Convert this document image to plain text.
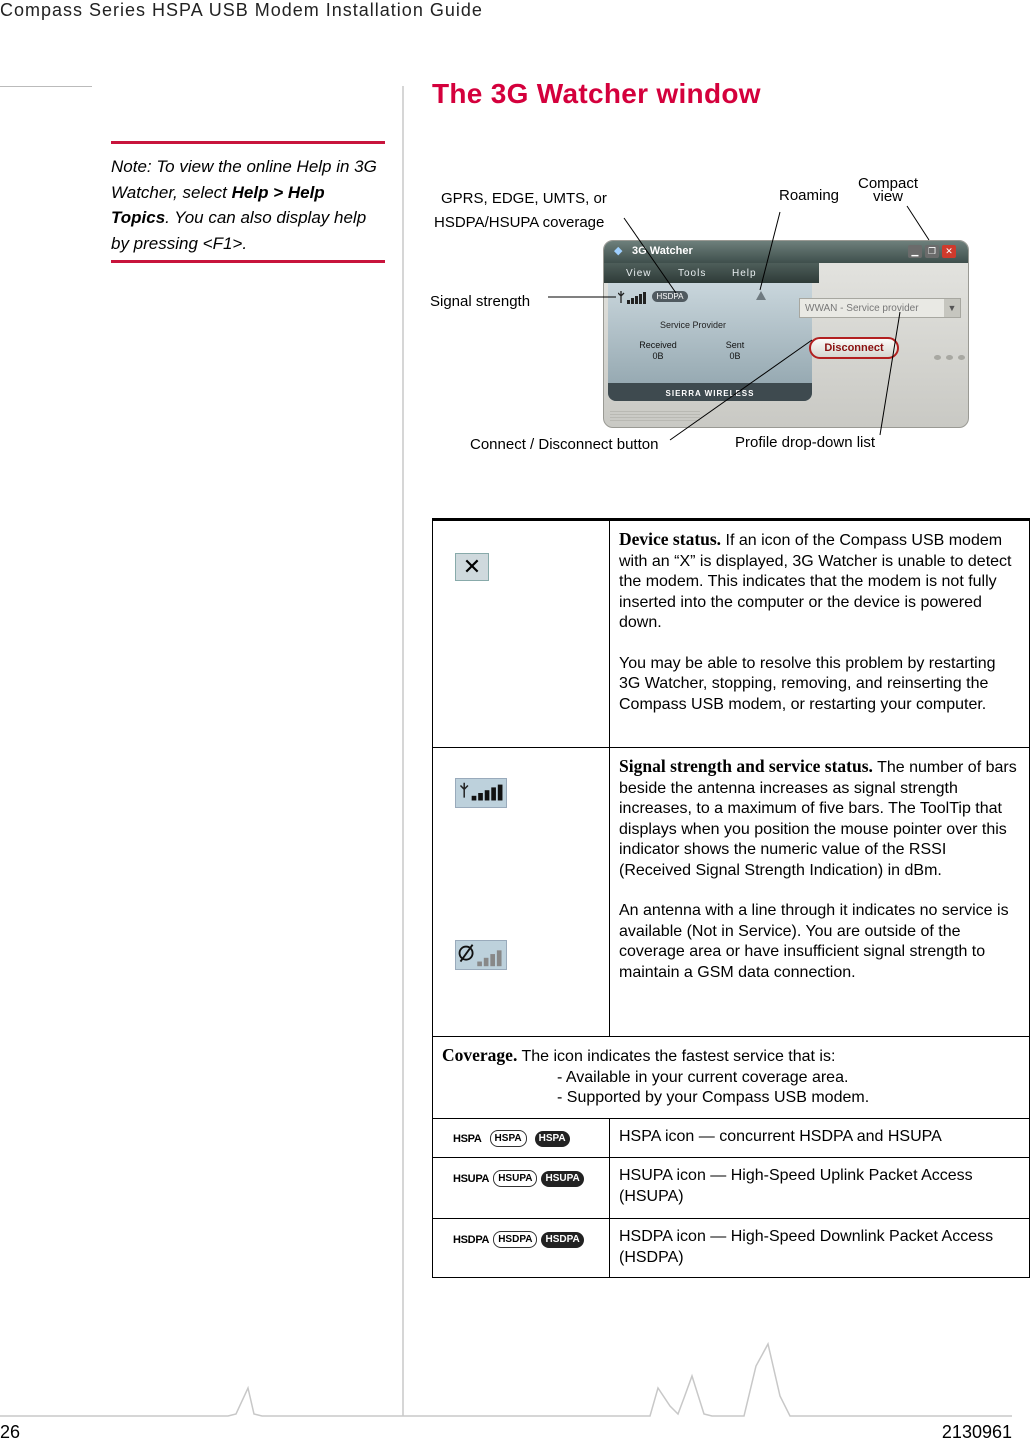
Compass Series HSPA USB Modem Installation Guide
Note: To view the online Help in 3G Watcher, select Help > Help Topics. You can also display help by pressing <F1>.
The 3G Watcher window
◆ 3G Watcher	▁	❐	✕
View	Tools	Help
HSDPA
Service Provider
Received
0B
Sent
0B
SIERRA WIRELESS
WWAN - Service provider	▼
Disconnect
GPRS, EDGE, UMTS, or
HSDPA/HSUPA coverage
Roaming
Compact
view
Signal strength
Connect / Disconnect button	Profile drop-down list
✕	Device status. If an icon of the Compass USB modem with an “X” is displayed, 3G Watcher is unable to detect the modem. This indicates that the modem is not fully inserted into the computer or the device is powered down.
You may be able to resolve this problem by restarting 3G Watcher, stopping, removing, and reinserting the Compass USB modem, or restarting your computer.

Signal strength and service status. The number of bars beside the antenna increases as signal strength increases, to a maximum of five bars. The ToolTip that displays when you position the mouse pointer over this indicator shows the numeric value of the RSSI (Received Signal Strength Indication) in dBm.
An antenna with a line through it indicates no service is available (Not in Service). You are outside of the coverage area or have insufficient signal strength to maintain a GSM data connection.

Coverage. The icon indicates the fastest service that is:
- Available in your current coverage area.
- Supported by your Compass USB modem.	

HSPA HSPA HSPA	HSPA icon — concurrent HSDPA and HSUPA

HSUPA HSUPA HSUPA	HSUPA icon — High-Speed Uplink Packet Access (HSUPA)

HSDPA HSDPA HSDPA	HSDPA icon — High-Speed Downlink Packet Access (HSDPA)
26	2130961
